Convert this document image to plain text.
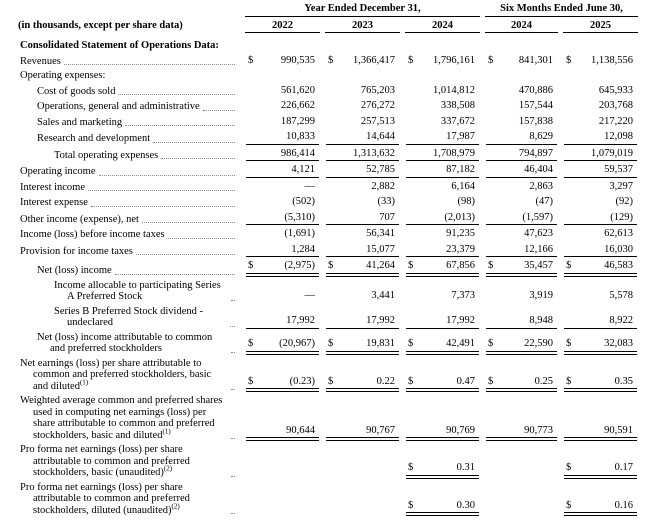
	Year Ended December 31,						Six Months Ended June 30,		
(in thousands, except per share data)	2022		2023		2024		2024		2025

Consolidated Statement of Operations Data:									

Revenues	$ 990,535		$ 1,366,417		$ 1,796,161		$ 841,301		$ 1,138,556

Operating expenses:									

Cost of goods sold	561,620		765,203		1,014,812		470,886		645,933

Operations, general and administrative	226,662		276,272		338,508		157,544		203,768

Sales and marketing	187,299		257,513		337,672		157,838		217,220

Research and development	10,833		14,644		17,987		8,629		12,098

Total operating expenses	986,414		1,313,632		1,708,979		794,897		1,079,019

Operating income	4,121		52,785		87,182		46,404		59,537

Interest income	—		2,882		6,164		2,863		3,297

Interest expense	(502)		(33)		(98)		(47)		(92)

Other income (expense), net	(5,310)		707		(2,013)		(1,597)		(129)

Income (loss) before income taxes	(1,691)		56,341		91,235		47,623		62,613

Provision for income taxes	1,284		15,077		23,379		12,166		16,030

Net (loss) income	$ (2,975)		$ 41,264		$ 67,856		$ 35,457		$ 46,583

Income allocable to participating Series A Preferred Stock	—		3,441		7,373		3,919		5,578

Series B Preferred Stock dividend - undeclared	17,992		17,992		17,992		8,948		8,922

Net (loss) income attributable to common and preferred stockholders	$ (20,967)		$ 19,831		$ 42,491		$ 22,590		$ 32,083

Net earnings (loss) per share attributable to common and preferred stockholders, basic and diluted$^{(1)}$	$ (0.23)		$ 0.22		$ 0.47		$ 0.25		$ 0.35

Weighted average common and preferred shares used in computing net earnings (loss) per share attributable to common and preferred stockholders, basic and diluted$^{(1)}$	90,644		90,767		90,769		90,773		90,591

Pro forma net earnings (loss) per share attributable to common and preferred stockholders, basic (unaudited)$^{(2)}$					$ 0.31				$ 0.17

Pro forma net earnings (loss) per share attributable to common and preferred stockholders, diluted (unaudited)$^{(2)}$					$ 0.30				$ 0.16
